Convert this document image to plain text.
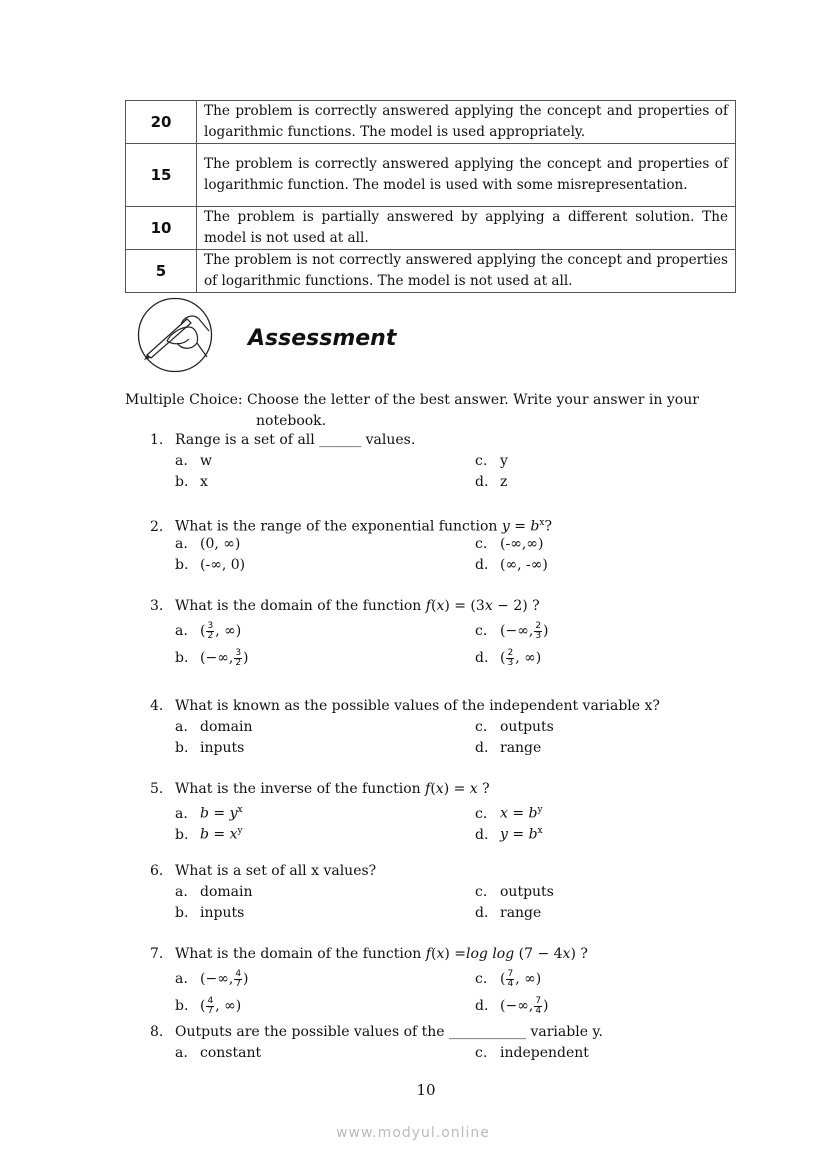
20	The problem is correctly answered applying the concept and properties of logarithmic functions. The model is used appropriately.
15	The problem is correctly answered applying the concept and properties of logarithmic function. The model is used with some misrepresentation.
10	The problem is partially answered by applying a different solution. The model is not used at all.
5	The problem is not correctly answered applying the concept and properties of logarithmic functions. The model is not used at all.
Assessment
Multiple Choice: Choose the letter of the best answer. Write your answer in your
notebook.
1. Range is a set of all ______ values.
a. w	c. y
b. x	d. z
2. What is the range of the exponential function $y = b^x$?
a. (0, ∞)	c. (-∞,∞)
b. (-∞, 0)	d. (∞, -∞)
3. What is the domain of the function f(x) = (3x − 2) ?
a. ( $\frac{3}{2}$ , ∞)	c. (−∞, $\frac{2}{3}$ )
b. (−∞, $\frac{3}{2}$ )	d. ( $\frac{2}{3}$ , ∞)
4. What is known as the possible values of the independent variable x?
a. domain	c. outputs
b. inputs	d. range
5. What is the inverse of the function f(x) = x ?
a. $b = y^x$	c. $x = b^y$
b. $b = x^y$	d. $y = b^x$
6. What is a set of all x values?
a. domain	c. outputs
b. inputs	d. range
7. What is the domain of the function f(x) =log log (7 − 4x) ?
a. (−∞, $\frac{4}{7}$ )	c. ( $\frac{7}{4}$ , ∞)
b. ( $\frac{4}{7}$ , ∞)	d. (−∞, $\frac{7}{4}$ )
8. Outputs are the possible values of the ___________ variable y.
a. constant	c. independent
10
www.modyul.online
